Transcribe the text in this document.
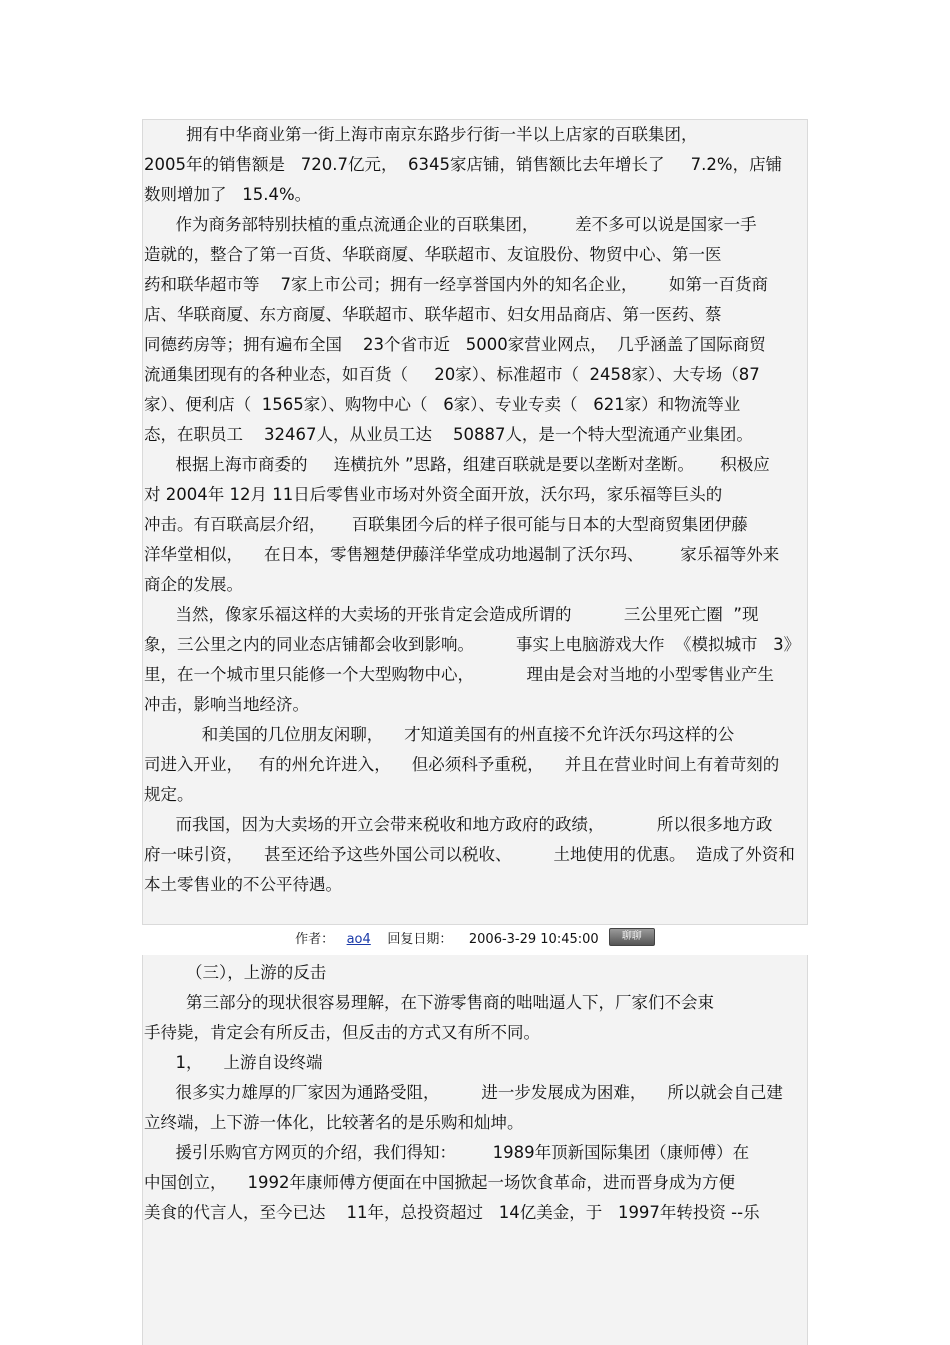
拥有中华商业第一街上海市南京东路步行街一半以上店家的百联集团，
2005年的销售额是   720.7亿元，  6345家店铺，销售额比去年增长了     7.2%，店铺
数则增加了   15.4%。
作为商务部特别扶植的重点流通企业的百联集团，       差不多可以说是国家一手
造就的，整合了第一百货、华联商厦、华联超市、友谊股份、物贸中心、第一医
药和联华超市等    7家上市公司；拥有一经享誉国内外的知名企业，      如第一百货商
店、华联商厦、东方商厦、华联超市、联华超市、妇女用品商店、第一医药、蔡
同德药房等；拥有遍布全国    23个省市近   5000家营业网点，  几乎涵盖了国际商贸
流通集团现有的各种业态，如百货（     20家）、标准超市（  2458家）、大专场（87
家）、便利店（  1565家）、购物中心（   6家）、专业专卖（   621家）和物流等业
态，在职员工    32467人，从业员工达    50887人，是一个特大型流通产业集团。
根据上海市商委的     连横抗外 ”思路，组建百联就是要以垄断对垄断。     积极应
对 2004年 12月 11日后零售业市场对外资全面开放，沃尔玛，家乐福等巨头的
冲击。有百联高层介绍，     百联集团今后的样子很可能与日本的大型商贸集团伊藤
洋华堂相似，    在日本，零售翘楚伊藤洋华堂成功地遏制了沃尔玛、       家乐福等外来
商企的发展。
当然，像家乐福这样的大卖场的开张肯定会造成所谓的          三公里死亡圈  ”现
象，三公里之内的同业态店铺都会收到影响。        事实上电脑游戏大作  《模拟城市   3》
里，在一个城市里只能修一个大型购物中心，          理由是会对当地的小型零售业产生
冲击，影响当地经济。
和美国的几位朋友闲聊，    才知道美国有的州直接不允许沃尔玛这样的公
司进入开业，   有的州允许进入，    但必须科予重税，    并且在营业时间上有着苛刻的
规定。
而我国，因为大卖场的开立会带来税收和地方政府的政绩，          所以很多地方政
府一味引资，    甚至还给予这些外国公司以税收、        土地使用的优惠。  造成了外资和
本土零售业的不公平待遇。
作者： ao4 回复日期： 2006-3-29 10:45:00 聊聊
（三），上游的反击
第三部分的现状很容易理解，在下游零售商的咄咄逼人下，厂家们不会束
手待毙，肯定会有所反击，但反击的方式又有所不同。
1，    上游自设终端
很多实力雄厚的厂家因为通路受阻，        进一步发展成为困难，    所以就会自己建
立终端，上下游一体化，比较著名的是乐购和灿坤。
援引乐购官方网页的介绍，我们得知：       1989年顶新国际集团（康师傅）在
中国创立，    1992年康师傅方便面在中国掀起一场饮食革命，进而晋身成为方便
美食的代言人，至今已达    11年，总投资超过   14亿美金，于   1997年转投资 --乐
